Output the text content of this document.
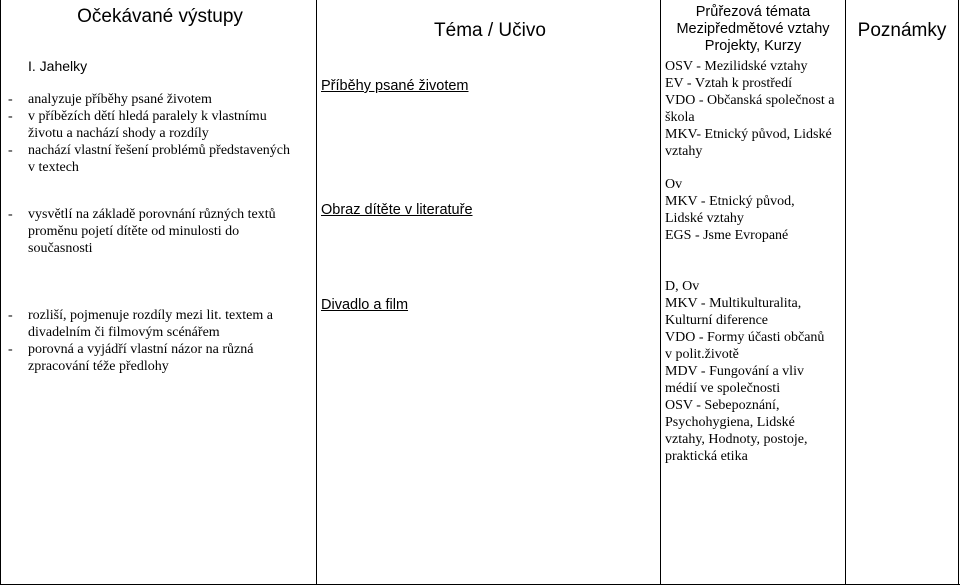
Očekávané výstupy
Téma / Učivo
Průřezová témata
Mezipředmětové vztahy
Projekty, Kurzy
Poznámky
I. Jahelky
- analyzuje příběhy psané životem
- v příbězích dětí hledá paralely k vlastnímu
životu a nachází shody a rozdíly
- nachází vlastní řešení problémů představených
v textech
- vysvětlí na základě porovnání různých textů
proměnu pojetí dítěte od minulosti do
současnosti
- rozliší, pojmenuje rozdíly mezi lit. textem a
divadelním či filmovým scénářem
- porovná a vyjádří vlastní názor na různá
zpracování téže předlohy
Příběhy psané životem
Obraz dítěte v literatuře
Divadlo a film
OSV - Mezilidské vztahy
EV - Vztah k prostředí
VDO - Občanská společnost a
škola
MKV- Etnický původ, Lidské
vztahy
Ov
MKV - Etnický původ,
Lidské vztahy
EGS - Jsme Evropané
D, Ov
MKV - Multikulturalita,
Kulturní diference
VDO - Formy účasti občanů
v polit.životě
MDV - Fungování a vliv
médií ve společnosti
OSV - Sebepoznání,
Psychohygiena, Lidské
vztahy, Hodnoty, postoje,
praktická etika
